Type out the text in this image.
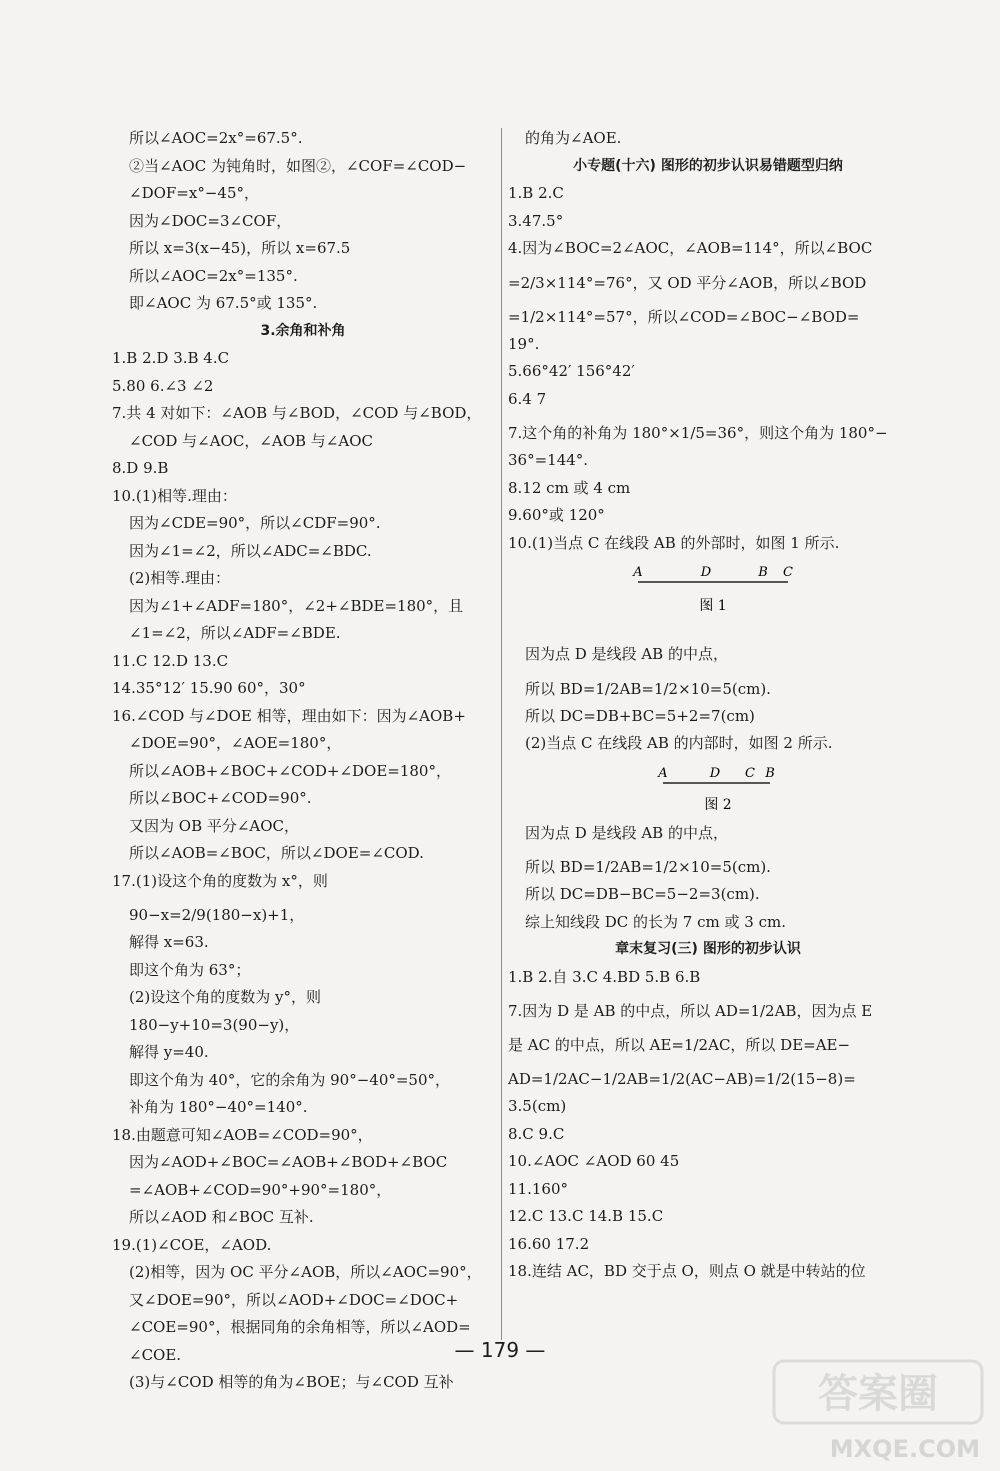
所以∠AOC=2x°=67.5°.
②当∠AOC 为钝角时，如图②，∠COF=∠COD−
∠DOF=x°−45°，
因为∠DOC=3∠COF，
所以 x=3(x−45)，所以 x=67.5
所以∠AOC=2x°=135°.
即∠AOC 为 67.5°或 135°.
3.余角和补角
1.B 2.D 3.B 4.C
5.80 6.∠3 ∠2
7.共 4 对如下：∠AOB 与∠BOD，∠COD 与∠BOD，
∠COD 与∠AOC，∠AOB 与∠AOC
8.D 9.B
10.(1)相等.理由：
因为∠CDE=90°，所以∠CDF=90°.
因为∠1=∠2，所以∠ADC=∠BDC.
(2)相等.理由：
因为∠1+∠ADF=180°，∠2+∠BDE=180°，且
∠1=∠2，所以∠ADF=∠BDE.
11.C 12.D 13.C
14.35°12′ 15.90 60°，30°
16.∠COD 与∠DOE 相等，理由如下：因为∠AOB+
∠DOE=90°，∠AOE=180°，
所以∠AOB+∠BOC+∠COD+∠DOE=180°，
所以∠BOC+∠COD=90°.
又因为 OB 平分∠AOC，
所以∠AOB=∠BOC，所以∠DOE=∠COD.
17.(1)设这个角的度数为 x°，则
90−x=2/9(180−x)+1，
解得 x=63.
即这个角为 63°；
(2)设这个角的度数为 y°，则
180−y+10=3(90−y)，
解得 y=40.
即这个角为 40°，它的余角为 90°−40°=50°，
补角为 180°−40°=140°.
18.由题意可知∠AOB=∠COD=90°，
因为∠AOD+∠BOC=∠AOB+∠BOD+∠BOC
=∠AOB+∠COD=90°+90°=180°，
所以∠AOD 和∠BOC 互补.
19.(1)∠COE，∠AOD.
(2)相等，因为 OC 平分∠AOB，所以∠AOC=90°，
又∠DOE=90°，所以∠AOD+∠DOC=∠DOC+
∠COE=90°，根据同角的余角相等，所以∠AOD=
∠COE.
(3)与∠COD 相等的角为∠BOE；与∠COD 互补
的角为∠AOE.
小专题(十六) 图形的初步认识易错题型归纳
1.B 2.C
3.47.5°
4.因为∠BOC=2∠AOC，∠AOB=114°，所以∠BOC
=2/3×114°=76°，又 OD 平分∠AOB，所以∠BOD
=1/2×114°=57°，所以∠COD=∠BOC−∠BOD=
19°.
5.66°42′ 156°42′
6.4 7
7.这个角的补角为 180°×1/5=36°，则这个角为 180°−
36°=144°.
8.12 cm 或 4 cm
9.60°或 120°
10.(1)当点 C 在线段 AB 的外部时，如图 1 所示.
A	D	B C
图 1
因为点 D 是线段 AB 的中点，
所以 BD=1/2AB=1/2×10=5(cm).
所以 DC=DB+BC=5+2=7(cm)
(2)当点 C 在线段 AB 的内部时，如图 2 所示.
A	D C B
图 2
因为点 D 是线段 AB 的中点，
所以 BD=1/2AB=1/2×10=5(cm).
所以 DC=DB−BC=5−2=3(cm).
综上知线段 DC 的长为 7 cm 或 3 cm.
章末复习(三) 图形的初步认识
1.B 2.自 3.C 4.BD 5.B 6.B
7.因为 D 是 AB 的中点，所以 AD=1/2AB，因为点 E
是 AC 的中点，所以 AE=1/2AC，所以 DE=AE−
AD=1/2AC−1/2AB=1/2(AC−AB)=1/2(15−8)=
3.5(cm)
8.C 9.C
10.∠AOC ∠AOD 60 45
11.160°
12.C 13.C 14.B 15.C
16.60 17.2
18.连结 AC，BD 交于点 O，则点 O 就是中转站的位
— 179 —
答案圈
MXQE.COM
